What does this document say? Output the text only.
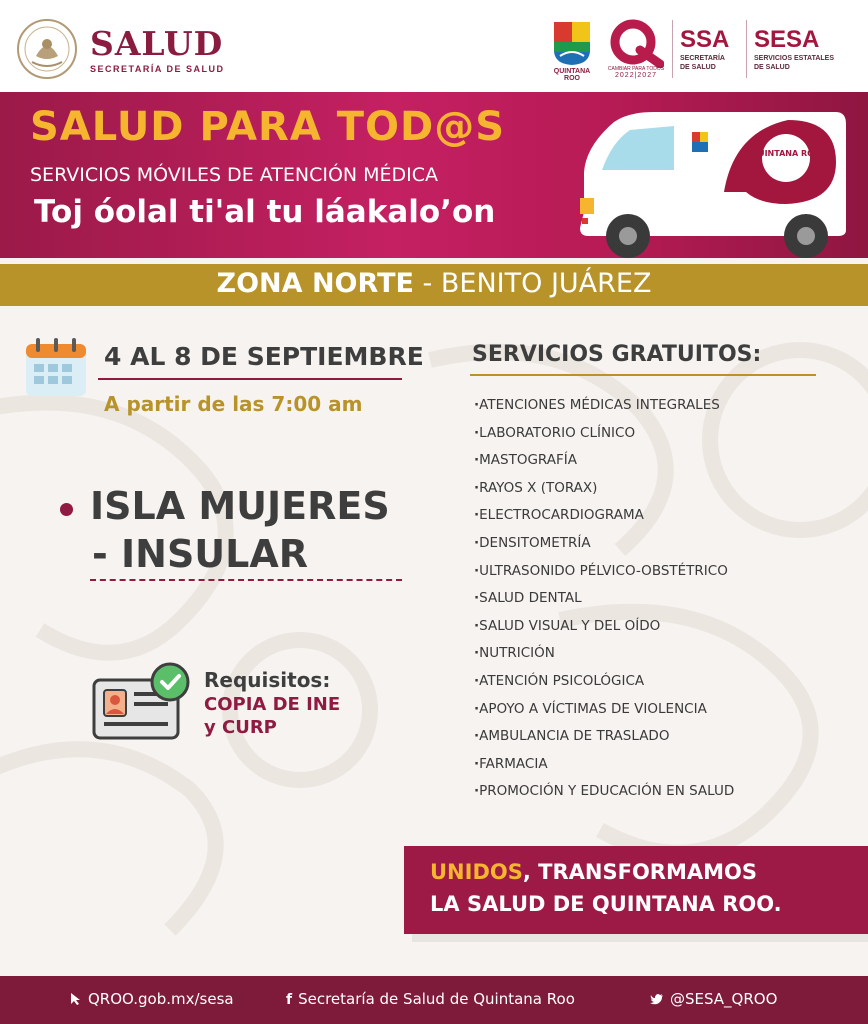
SALUD
SECRETARÍA DE SALUD	QUINTANA ROO
CAMBIAR PARA TODOS
2022|2027
SSA
SECRETARÍA
DE SALUD
SESA
SERVICIOS ESTATALES
DE SALUD
SALUD PARA TOD@S
SERVICIOS MÓVILES DE ATENCIÓN MÉDICA
Toj óolal ti'al tu láakalo’on
QUINTANA ROO
ZONA NORTE - BENITO JUÁREZ
4 AL 8 DE SEPTIEMBRE
A partir de las 7:00 am
ISLA MUJERES
- INSULAR
Requisitos:
COPIA DE INE
y CURP
SERVICIOS GRATUITOS:
· ATENCIONES MÉDICAS INTEGRALES
· LABORATORIO CLÍNICO
· MASTOGRAFÍA
· RAYOS X (TORAX)
· ELECTROCARDIOGRAMA
· DENSITOMETRÍA
· ULTRASONIDO PÉLVICO-OBSTÉTRICO
· SALUD DENTAL
· SALUD VISUAL Y DEL OÍDO
· NUTRICIÓN
· ATENCIÓN PSICOLÓGICA
· APOYO A VÍCTIMAS DE VIOLENCIA
· AMBULANCIA DE TRASLADO
· FARMACIA
· PROMOCIÓN Y EDUCACIÓN EN SALUD
UNIDOS, TRANSFORMAMOS
LA SALUD DE QUINTANA ROO.
QROO.gob.mx/sesa	f Secretaría de Salud de Quintana Roo	@SESA_QROO
